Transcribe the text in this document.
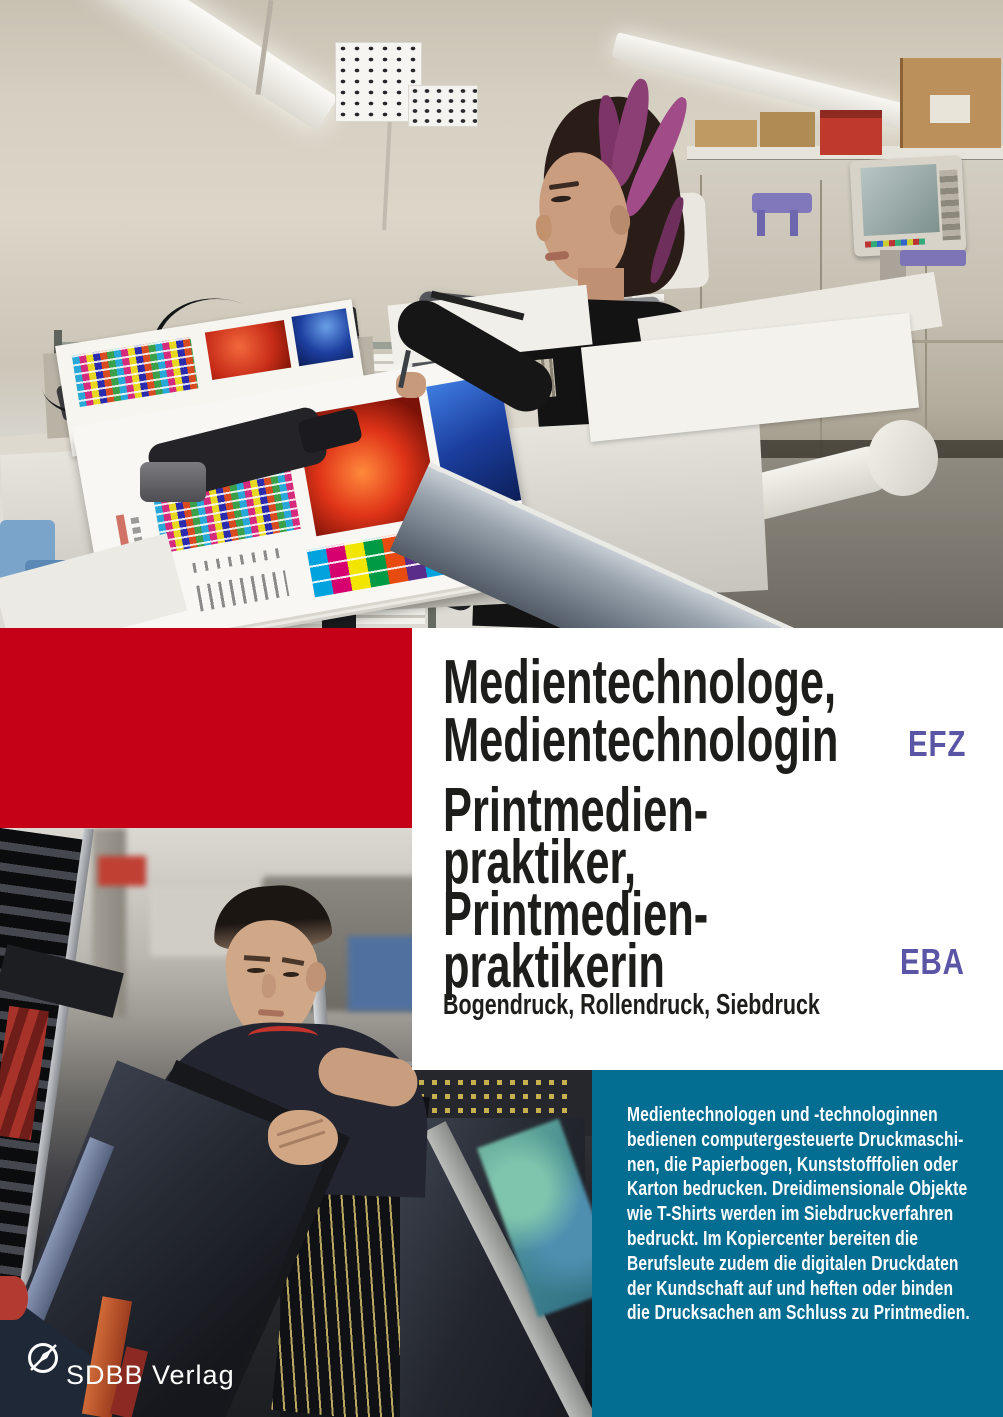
Medientechnologe,
Medientechnologin EFZ
Printmedien-
praktiker,
Printmedien-
praktikerin	EBA
Bogendruck, Rollendruck, Siebdruck
Medientechnologen und -technologinnen
bedienen computergesteuerte Druckmaschi-
nen, die Papierbogen, Kunststofffolien oder
Karton bedrucken. Dreidimensionale Objekte
wie T-Shirts werden im Siebdruckverfahren
bedruckt. Im Kopiercenter bereiten die
Berufsleute zudem die digitalen Druckdaten
der Kundschaft auf und heften oder binden
die Drucksachen am Schluss zu Printmedien.
SDBB Verlag
